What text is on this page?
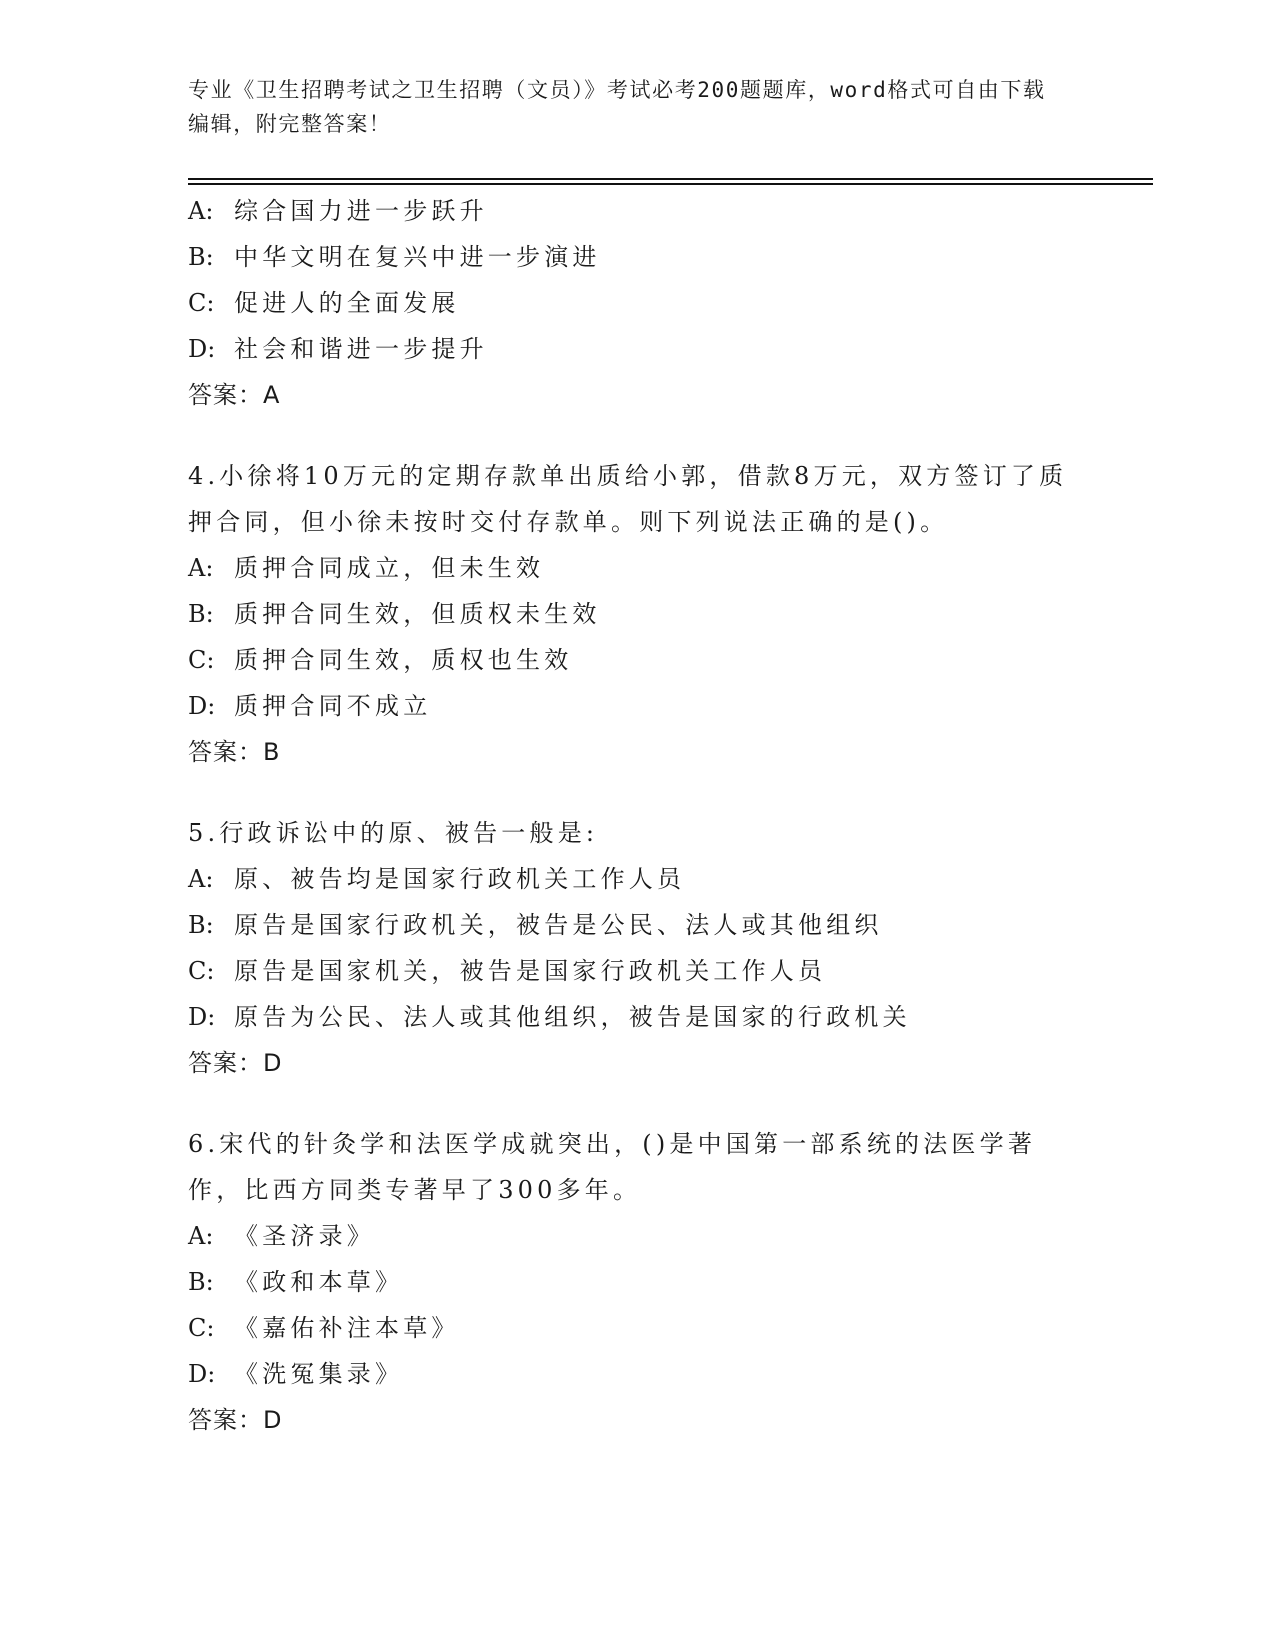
专业《卫生招聘考试之卫生招聘（文员）》考试必考200题题库，word格式可自由下载编辑，附完整答案！
A: 综合国力进一步跃升
B: 中华文明在复兴中进一步演进
C: 促进人的全面发展
D: 社会和谐进一步提升
答案：A
4.小徐将10万元的定期存款单出质给小郭，借款8万元，双方签订了质押合同，但小徐未按时交付存款单。则下列说法正确的是()。
A: 质押合同成立，但未生效
B: 质押合同生效，但质权未生效
C: 质押合同生效，质权也生效
D: 质押合同不成立
答案：B
5.行政诉讼中的原、被告一般是:
A: 原、被告均是国家行政机关工作人员
B: 原告是国家行政机关，被告是公民、法人或其他组织
C: 原告是国家机关，被告是国家行政机关工作人员
D: 原告为公民、法人或其他组织，被告是国家的行政机关
答案：D
6.宋代的针灸学和法医学成就突出，()是中国第一部系统的法医学著作，比西方同类专著早了300多年。
A: 《圣济录》
B: 《政和本草》
C: 《嘉佑补注本草》
D: 《洗冤集录》
答案：D
